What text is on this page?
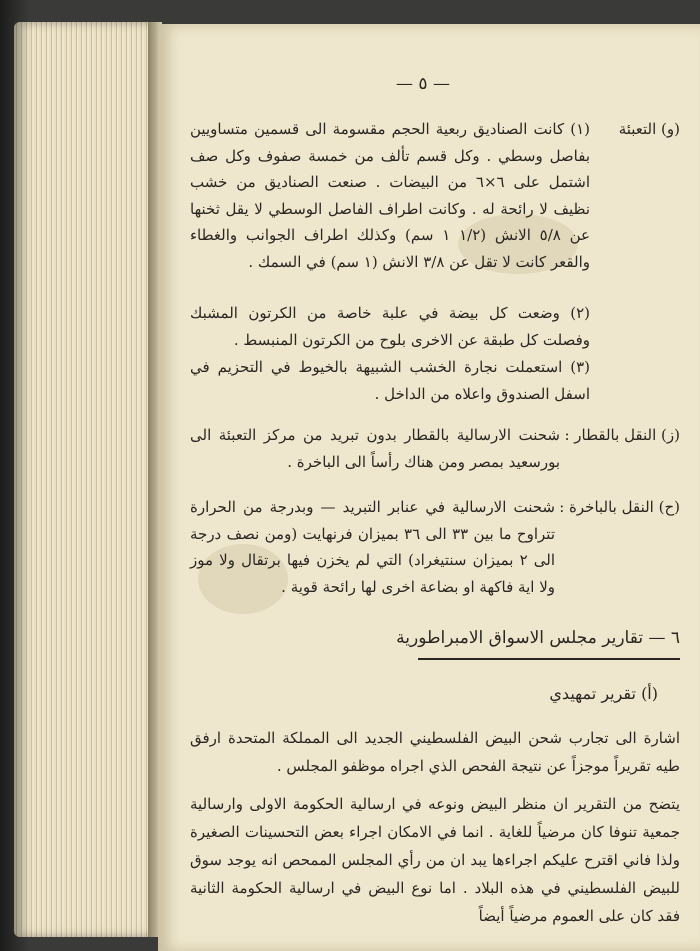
— ٥ —
(و) التعبئة
(١) كانت الصناديق ربعية الحجم مقسومة الى قسمين متساويين بفاصل وسطي . وكل قسم تألف من خمسة صفوف وكل صف اشتمل على ٦×٦ من البيضات . صنعت الصناديق من خشب نظيف لا رائحة له . وكانت اطراف الفاصل الوسطي لا يقل ثخنها عن ٥/٨ الانش (١/٢ ١ سم) وكذلك اطراف الجوانب والغطاء والقعر كانت لا تقل عن ٣/٨ الانش (١ سم) في السمك .
(٢) وضعت كل بيضة في علبة خاصة من الكرتون المشبك وفصلت كل طبقة عن الاخرى بلوح من الكرتون المنبسط .
(٣) استعملت نجارة الخشب الشبيهة بالخيوط في التحزيم في اسفل الصندوق واعلاه من الداخل .
(ز) النقل بالقطار :
شحنت الارسالية بالقطار بدون تبريد من مركز التعبئة الى بورسعيد بمصر ومن هناك رأساً الى الباخرة .
(ح) النقل بالباخرة :
شحنت الارسالية في عنابر التبريد — وبدرجة من الحرارة تتراوح ما بين ٣٣ الى ٣٦ بميزان فرنهايت (ومن نصف درجة الى ٢ بميزان سنتيغراد) التي لم يخزن فيها برتقال ولا موز ولا اية فاكهة او بضاعة اخرى لها رائحة قوية .
٦ — تقارير مجلس الاسواق الامبراطورية
(أ) تقرير تمهيدي
اشارة الى تجارب شحن البيض الفلسطيني الجديد الى المملكة المتحدة ارفق طيه تقريراً موجزاً عن نتيجة الفحص الذي اجراه موظفو المجلس .
يتضح من التقرير ان منظر البيض ونوعه في ارسالية الحكومة الاولى وارسالية جمعية تنوفا كان مرضياً للغاية . انما في الامكان اجراء بعض التحسينات الصغيرة ولذا فاني اقترح عليكم اجراءها يبد ان من رأي المجلس الممحص انه يوجد سوق للبيض الفلسطيني في هذه البلاد . اما نوع البيض في ارسالية الحكومة الثانية فقد كان على العموم مرضياً أيضاً
